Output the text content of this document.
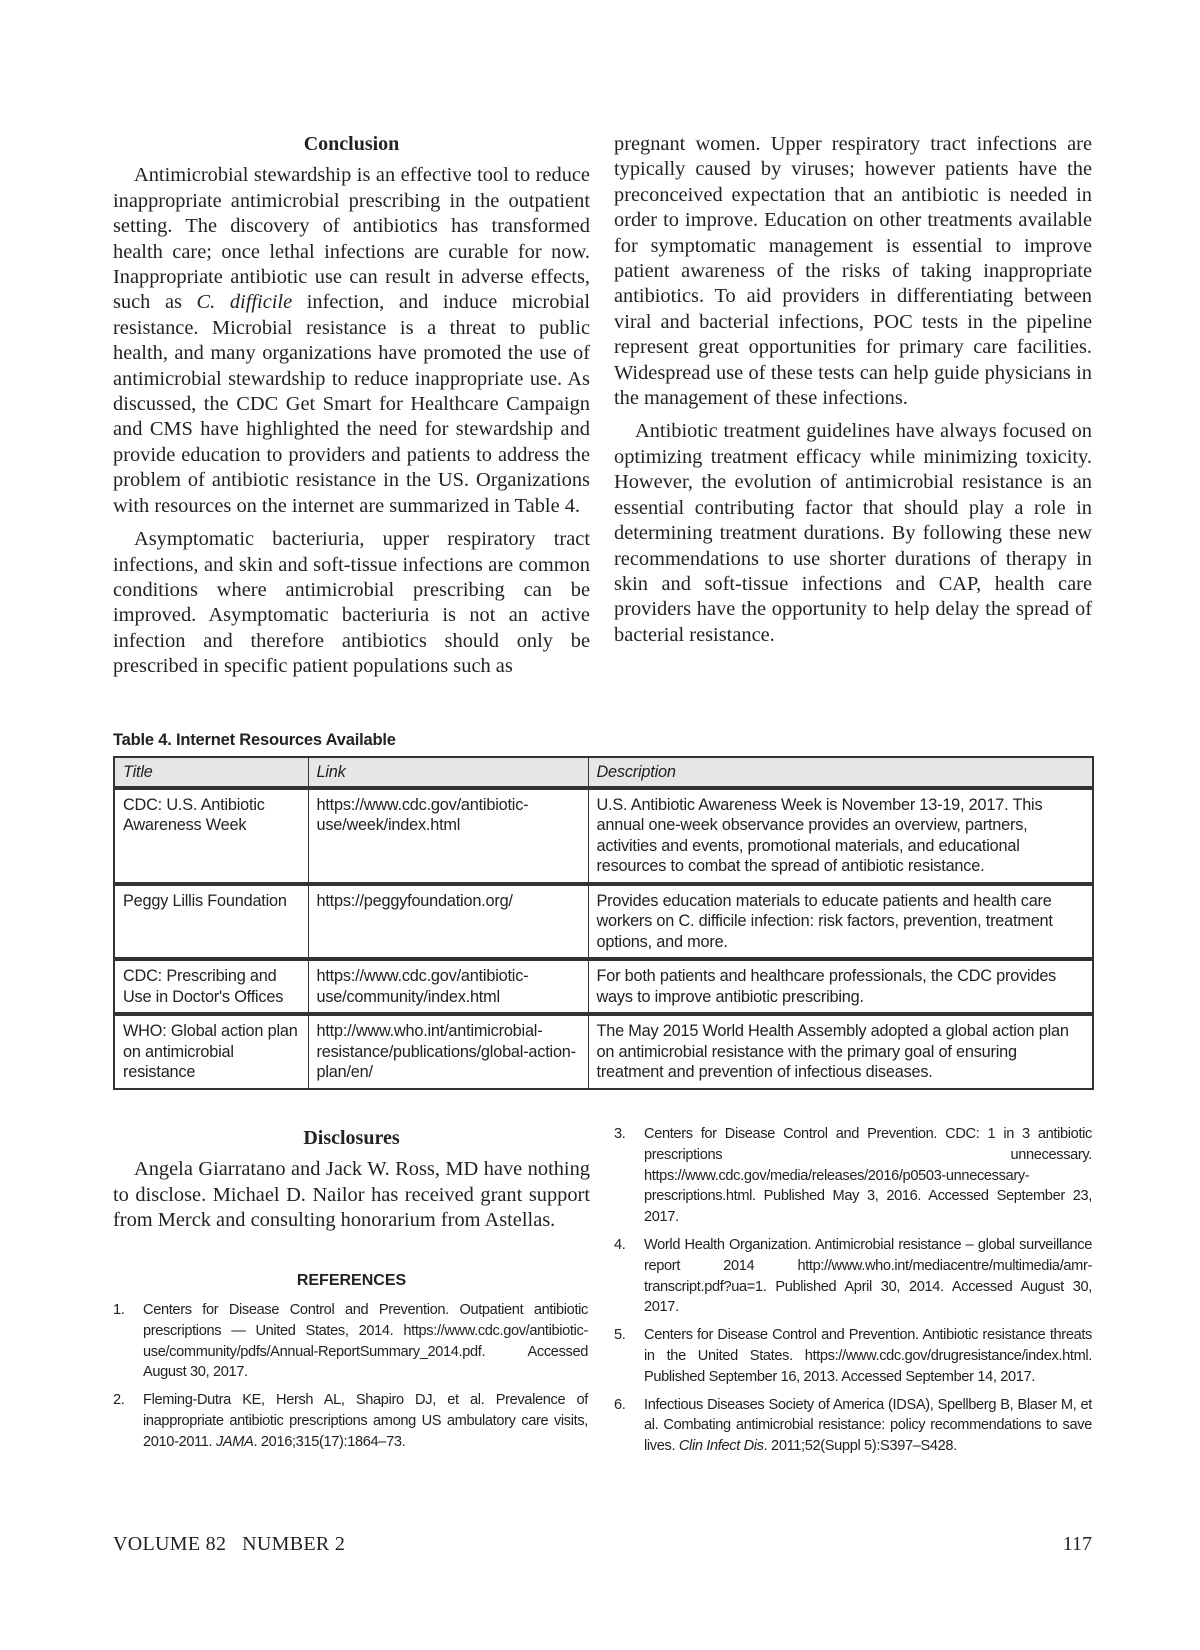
Conclusion

Antimicrobial stewardship is an effective tool to reduce inappropriate antimicrobial prescribing in the outpatient setting. The discovery of antibiotics has transformed health care; once lethal infections are curable for now. Inappropriate antibiotic use can result in adverse effects, such as C. difficile infection, and induce microbial resistance. Microbial resistance is a threat to public health, and many organizations have promoted the use of antimicrobial stewardship to reduce inappropriate use. As discussed, the CDC Get Smart for Healthcare Campaign and CMS have highlighted the need for stewardship and provide education to providers and patients to address the problem of antibiotic resistance in the US. Organizations with resources on the internet are summarized in Table 4.

Asymptomatic bacteriuria, upper respiratory tract infections, and skin and soft-tissue infections are common conditions where antimicrobial prescribing can be improved. Asymptomatic bacteriuria is not an active infection and therefore antibiotics should only be prescribed in specific patient populations such as

pregnant women. Upper respiratory tract infections are typically caused by viruses; however patients have the preconceived expectation that an antibiotic is needed in order to improve. Education on other treatments available for symptomatic management is essential to improve patient awareness of the risks of taking inappropriate antibiotics. To aid providers in differentiating between viral and bacterial infections, POC tests in the pipeline represent great opportunities for primary care facilities. Widespread use of these tests can help guide physicians in the management of these infections.

Antibiotic treatment guidelines have always focused on optimizing treatment efficacy while minimizing toxicity. However, the evolution of antimicrobial resistance is an essential contributing factor that should play a role in determining treatment durations. By following these new recommendations to use shorter durations of therapy in skin and soft-tissue infections and CAP, health care providers have the opportunity to help delay the spread of bacterial resistance.

Table 4. Internet Resources Available
Title	Link	Description
CDC: U.S. Antibiotic Awareness Week	https://www.cdc.gov/antibiotic-use/week/index.html	U.S. Antibiotic Awareness Week is November 13-19, 2017. This annual one-week observance provides an overview, partners, activities and events, promotional materials, and educational resources to combat the spread of antibiotic resistance.
Peggy Lillis Foundation	https://peggyfoundation.org/	Provides education materials to educate patients and health care workers on C. difficile infection: risk factors, prevention, treatment options, and more.
CDC: Prescribing and Use in Doctor's Offices	https://www.cdc.gov/antibiotic-use/community/index.html	For both patients and healthcare professionals, the CDC provides ways to improve antibiotic prescribing.
WHO: Global action plan on antimicrobial resistance	http://www.who.int/antimicrobial-resistance/publications/global-action-plan/en/	The May 2015 World Health Assembly adopted a global action plan on antimicrobial resistance with the primary goal of ensuring treatment and prevention of infectious diseases.
Disclosures

Angela Giarratano and Jack W. Ross, MD have nothing to disclose. Michael D. Nailor has received grant support from Merck and consulting honorarium from Astellas.

REFERENCES
1. Centers for Disease Control and Prevention. Outpatient antibiotic prescriptions — United States, 2014. https://www.cdc.gov/antibiotic-use/community/pdfs/Annual-ReportSummary_2014.pdf. Accessed August 30, 2017.
2. Fleming-Dutra KE, Hersh AL, Shapiro DJ, et al. Prevalence of inappropriate antibiotic prescriptions among US ambulatory care visits, 2010-2011. JAMA. 2016;315(17):1864–73.
3. Centers for Disease Control and Prevention. CDC: 1 in 3 antibiotic prescriptions unnecessary. https://www.cdc.gov/media/releases/2016/p0503-unnecessary-prescriptions.html. Published May 3, 2016. Accessed September 23, 2017.
4. World Health Organization. Antimicrobial resistance – global surveillance report 2014 http://www.who.int/mediacentre/multimedia/amr-transcript.pdf?ua=1. Published April 30, 2014. Accessed August 30, 2017.
5. Centers for Disease Control and Prevention. Antibiotic resistance threats in the United States. https://www.cdc.gov/drugresistance/index.html. Published September 16, 2013. Accessed September 14, 2017.
6. Infectious Diseases Society of America (IDSA), Spellberg B, Blaser M, et al. Combating antimicrobial resistance: policy recommendations to save lives. Clin Infect Dis. 2011;52(Suppl 5):S397–S428.
VOLUME 82   NUMBER 2	117
